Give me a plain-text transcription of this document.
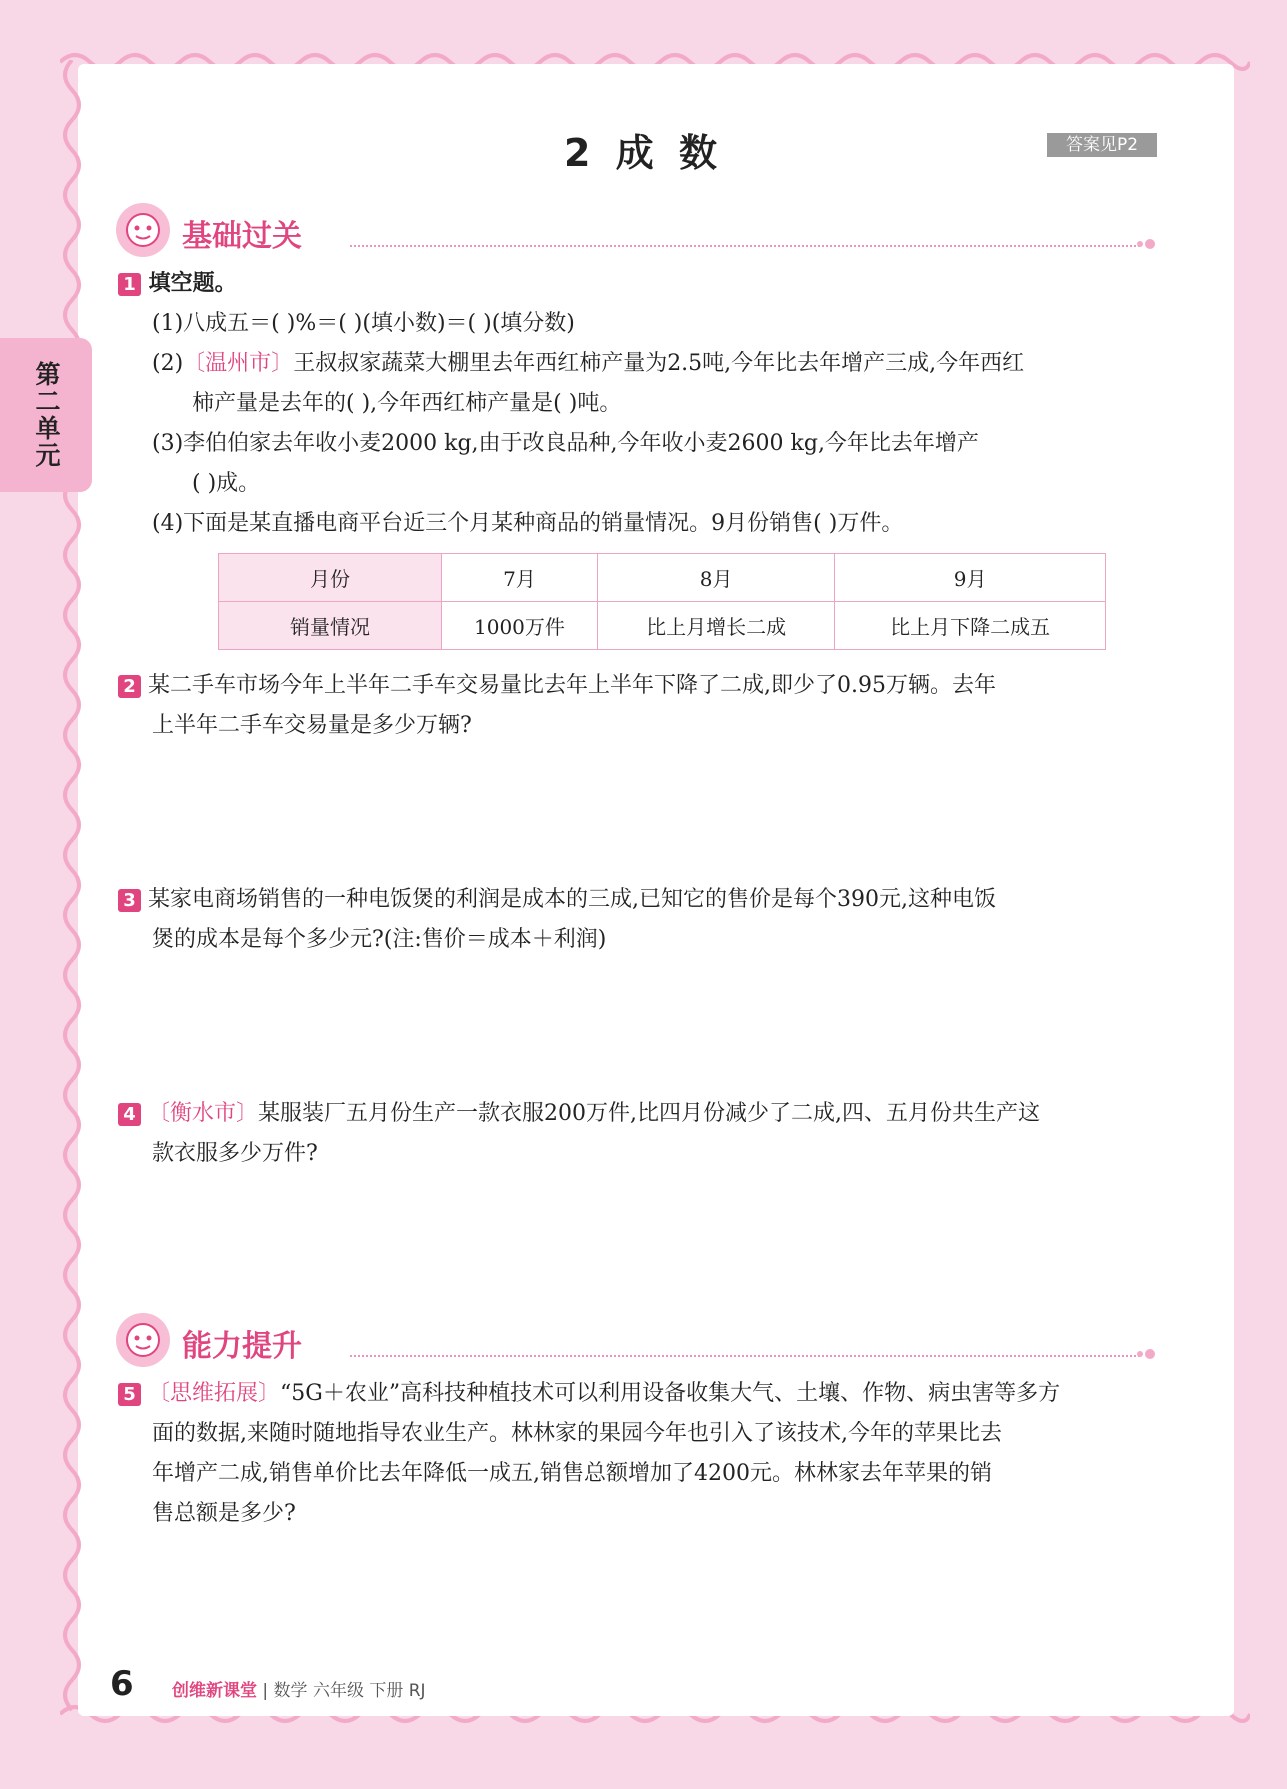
第二单元
2 成 数	答案见P2
基础过关
1 填空题。
(1)八成五＝( )%＝( )(填小数)＝( )(填分数)
(2)〔温州市〕王叔叔家蔬菜大棚里去年西红柿产量为2.5吨,今年比去年增产三成,今年西红
柿产量是去年的( ),今年西红柿产量是( )吨。
(3)李伯伯家去年收小麦2000 kg,由于改良品种,今年收小麦2600 kg,今年比去年增产
( )成。
(4)下面是某直播电商平台近三个月某种商品的销量情况。9月份销售( )万件。
月份	7月	8月	9月
销量情况	1000万件	比上月增长二成	比上月下降二成五
2 某二手车市场今年上半年二手车交易量比去年上半年下降了二成,即少了0.95万辆。去年
上半年二手车交易量是多少万辆?
3 某家电商场销售的一种电饭煲的利润是成本的三成,已知它的售价是每个390元,这种电饭
煲的成本是每个多少元?(注:售价＝成本＋利润)
4 〔衡水市〕某服装厂五月份生产一款衣服200万件,比四月份减少了二成,四、五月份共生产这
款衣服多少万件?
能力提升
5 〔思维拓展〕“5G＋农业”高科技种植技术可以利用设备收集大气、土壤、作物、病虫害等多方
面的数据,来随时随地指导农业生产。林林家的果园今年也引入了该技术,今年的苹果比去
年增产二成,销售单价比去年降低一成五,销售总额增加了4200元。林林家去年苹果的销
售总额是多少?
6 创维新课堂 | 数学 六年级 下册 RJ
